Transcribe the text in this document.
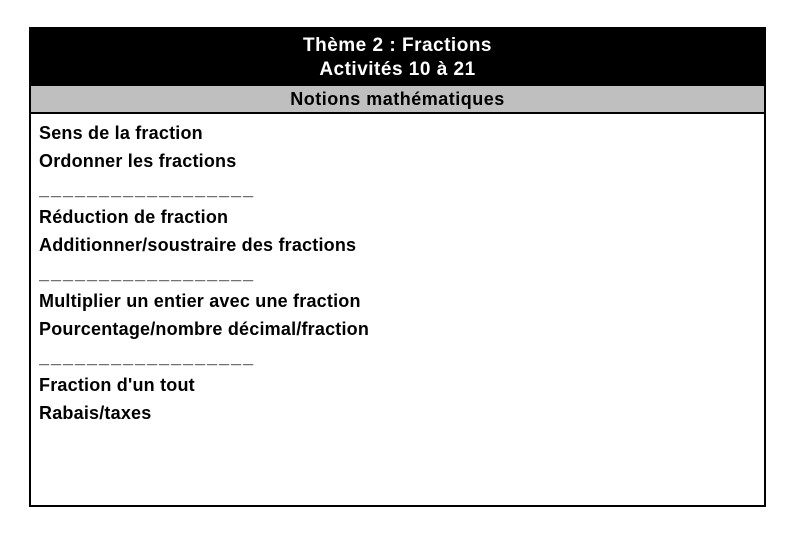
Thème 2 : Fractions
Activités 10 à 21
Notions mathématiques
Sens de la fraction
Ordonner les fractions
__________________
Réduction de fraction
Additionner/soustraire des fractions
__________________
Multiplier un entier avec une fraction
Pourcentage/nombre décimal/fraction
__________________
Fraction d'un tout
Rabais/taxes
